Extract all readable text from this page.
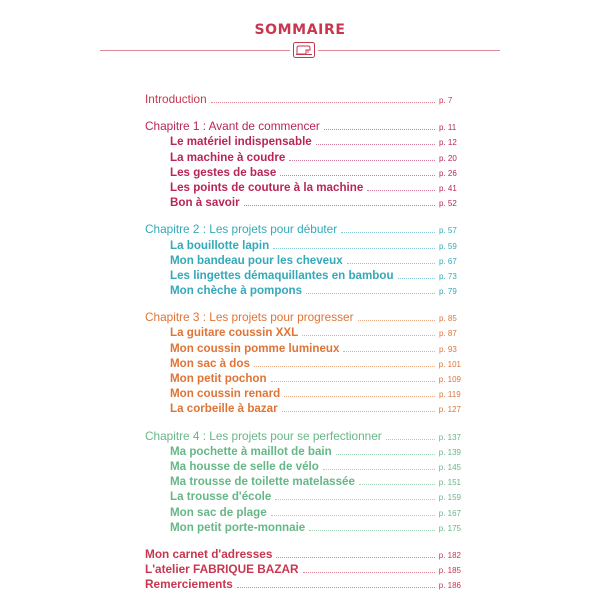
SOMMAIRE
Introduction	p. 7
Chapitre 1 : Avant de commencer	p. 11
Le matériel indispensable	p. 12
La machine à coudre	p. 20
Les gestes de base	p. 26
Les points de couture à la machine	p. 41
Bon à savoir	p. 52
Chapitre 2 : Les projets pour débuter	p. 57
La bouillotte lapin	p. 59
Mon bandeau pour les cheveux	p. 67
Les lingettes démaquillantes en bambou	p. 73
Mon chèche à pompons	p. 79
Chapitre 3 : Les projets pour progresser	p. 85
La guitare coussin XXL	p. 87
Mon coussin pomme lumineux	p. 93
Mon sac à dos	p. 101
Mon petit pochon	p. 109
Mon coussin renard	p. 119
La corbeille à bazar	p. 127
Chapitre 4 : Les projets pour se perfectionner	p. 137
Ma pochette à maillot de bain	p. 139
Ma housse de selle de vélo	p. 145
Ma trousse de toilette matelassée	p. 151
La trousse d'école	p. 159
Mon sac de plage	p. 167
Mon petit porte-monnaie	p. 175
Mon carnet d'adresses	p. 182
L'atelier FABRIQUE BAZAR	p. 185
Remerciements	p. 186
